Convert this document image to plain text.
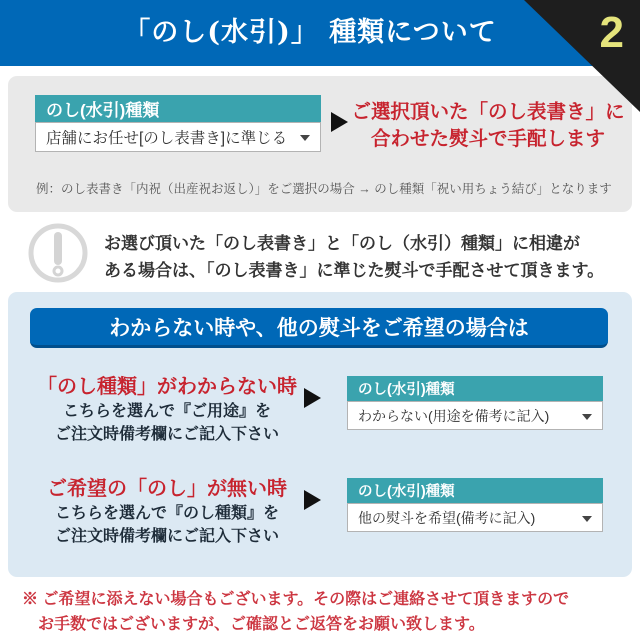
「のし(水引)」 種類について	2
のし(水引)種類
店舗にお任せ[のし表書き]に準じる
ご選択頂いた「のし表書き」に
合わせた熨斗で手配します
例：のし表書き「内祝（出産祝お返し）」をご選択の場合 → のし種類「祝い用ちょう結び」となります
お選び頂いた「のし表書き」と「のし（水引）種類」に相違が
ある場合は、「のし表書き」に準じた熨斗で手配させて頂きます。
わからない時や、他の熨斗をご希望の場合は
「のし種類」がわからない時
こちらを選んで『ご用途』を
ご注文時備考欄にご記入下さい
のし(水引)種類
わからない(用途を備考に記入)
ご希望の「のし」が無い時
こちらを選んで『のし種類』を
ご注文時備考欄にご記入下さい
のし(水引)種類
他の熨斗を希望(備考に記入)
※ ご希望に添えない場合もございます。その際はご連絡させて頂きますので
お手数ではございますが、ご確認とご返答をお願い致します。
